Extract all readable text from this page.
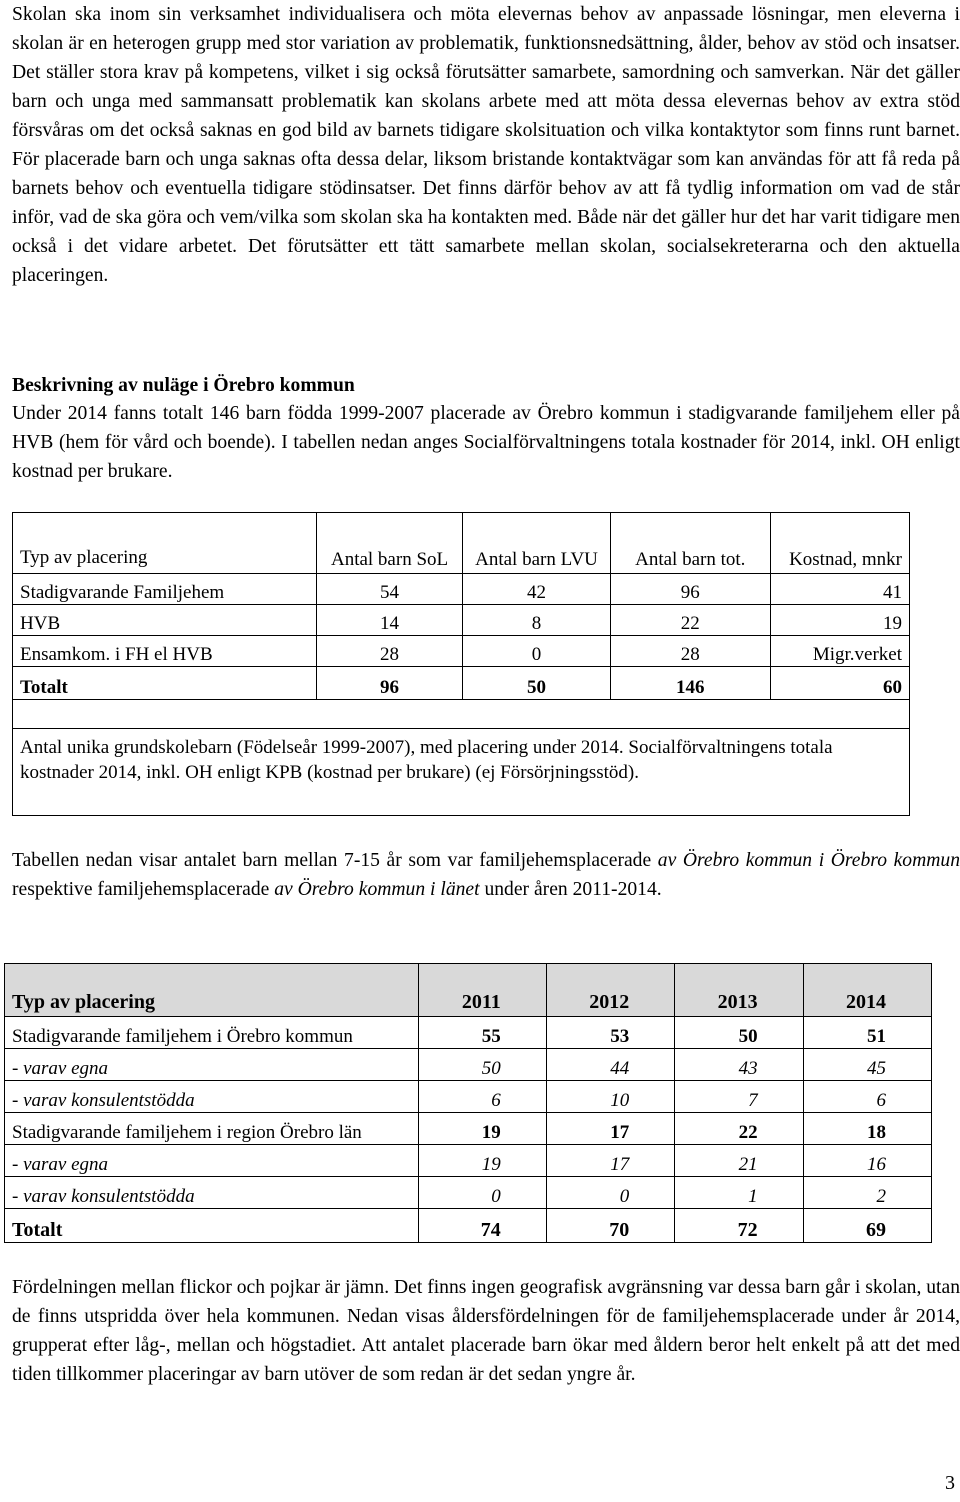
Skolan ska inom sin verksamhet individualisera och möta elevernas behov av anpassade lösningar, men eleverna i skolan är en heterogen grupp med stor variation av problematik, funktionsnedsättning, ålder, behov av stöd och insatser. Det ställer stora krav på kompetens, vilket i sig också förutsätter samarbete, samordning och samverkan. När det gäller barn och unga med sammansatt problematik kan skolans arbete med att möta dessa elevernas behov av extra stöd försvåras om det också saknas en god bild av barnets tidigare skolsituation och vilka kontaktytor som finns runt barnet. För placerade barn och unga saknas ofta dessa delar, liksom bristande kontaktvägar som kan användas för att få reda på barnets behov och eventuella tidigare stödinsatser. Det finns därför behov av att få tydlig information om vad de står inför, vad de ska göra och vem/vilka som skolan ska ha kontakten med. Både när det gäller hur det har varit tidigare men också i det vidare arbetet. Det förutsätter ett tätt samarbete mellan skolan, socialsekreterarna och den aktuella placeringen.

Beskrivning av nuläge i Örebro kommun

Under 2014 fanns totalt 146 barn födda 1999-2007 placerade av Örebro kommun i stadigvarande familjehem eller på HVB (hem för vård och boende). I tabellen nedan anges Socialförvaltningens totala kostnader för 2014, inkl. OH enligt kostnad per brukare.

Typ av placering	Antal barn SoL	Antal barn LVU	Antal barn tot.	Kostnad, mnkr
Stadigvarande Familjehem	54	42	96	41
HVB	14	8	22	19
Ensamkom. i FH el HVB	28	0	28	Migr.verket
Totalt	96	50	146	60

Antal unika grundskolebarn (Födelseår 1999-2007), med placering under 2014. Socialförvaltningens totala kostnader 2014, inkl. OH enligt KPB (kostnad per brukare) (ej Försörjningsstöd).				

Tabellen nedan visar antalet barn mellan 7-15 år som var familjehemsplacerade av Örebro kommun i Örebro kommun respektive familjehemsplacerade av Örebro kommun i länet under åren 2011-2014.

Typ av placering	2011	2012	2013	2014
Stadigvarande familjehem i Örebro kommun	55	53	50	51
- varav egna	50	44	43	45
- varav konsulentstödda	6	10	7	6
Stadigvarande familjehem i region Örebro län	19	17	22	18
- varav egna	19	17	21	16
- varav konsulentstödda	0	0	1	2
Totalt	74	70	72	69

Fördelningen mellan flickor och pojkar är jämn. Det finns ingen geografisk avgränsning var dessa barn går i skolan, utan de finns utspridda över hela kommunen. Nedan visas åldersfördelningen för de familjehemsplacerade under år 2014, grupperat efter låg-, mellan och högstadiet. Att antalet placerade barn ökar med åldern beror helt enkelt på att det med tiden tillkommer placeringar av barn utöver de som redan är det sedan yngre år.

3
